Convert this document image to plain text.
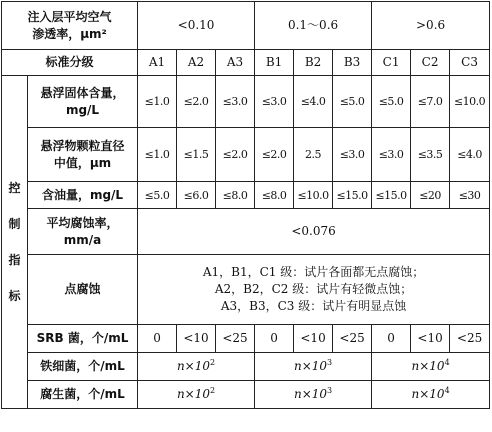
注入层平均空气
渗透率，μm²		<0.10			0.1～0.6			>0.6		
标准分级		A1	A2	A3	B1	B2	B3	C1	C2	C3

控
制
指
标	悬浮固体含量，
mg/L	≤1.0	≤2.0	≤3.0	≤3.0	≤4.0	≤5.0	≤5.0	≤7.0	≤10.0

	悬浮物颗粒直径
中值，μm	≤1.0	≤1.5	≤2.0	≤2.0	2.5	≤3.0	≤3.0	≤3.5	≤4.0
	含油量，mg/L	≤5.0	≤6.0	≤8.0	≤8.0	≤10.0	≤15.0	≤15.0	≤20	≤30

	平均腐蚀率，
mm/a	<0.076								
	点腐蚀	A1，B1，C1 级：试片各面都无点腐蚀；
A2，B2，C2 级：试片有轻微点蚀；
A3，B3，C3 级：试片有明显点蚀								

	SRB 菌，个/mL	0	<10	<25	0	<10	<25	0	<10	<25
	铁细菌，个/mL	$n\times 10^2$			$n\times 10^3$			$n\times 10^4$
	腐生菌，个/mL	$n\times 10^2$			$n\times 10^3$			$n\times 10^4$
